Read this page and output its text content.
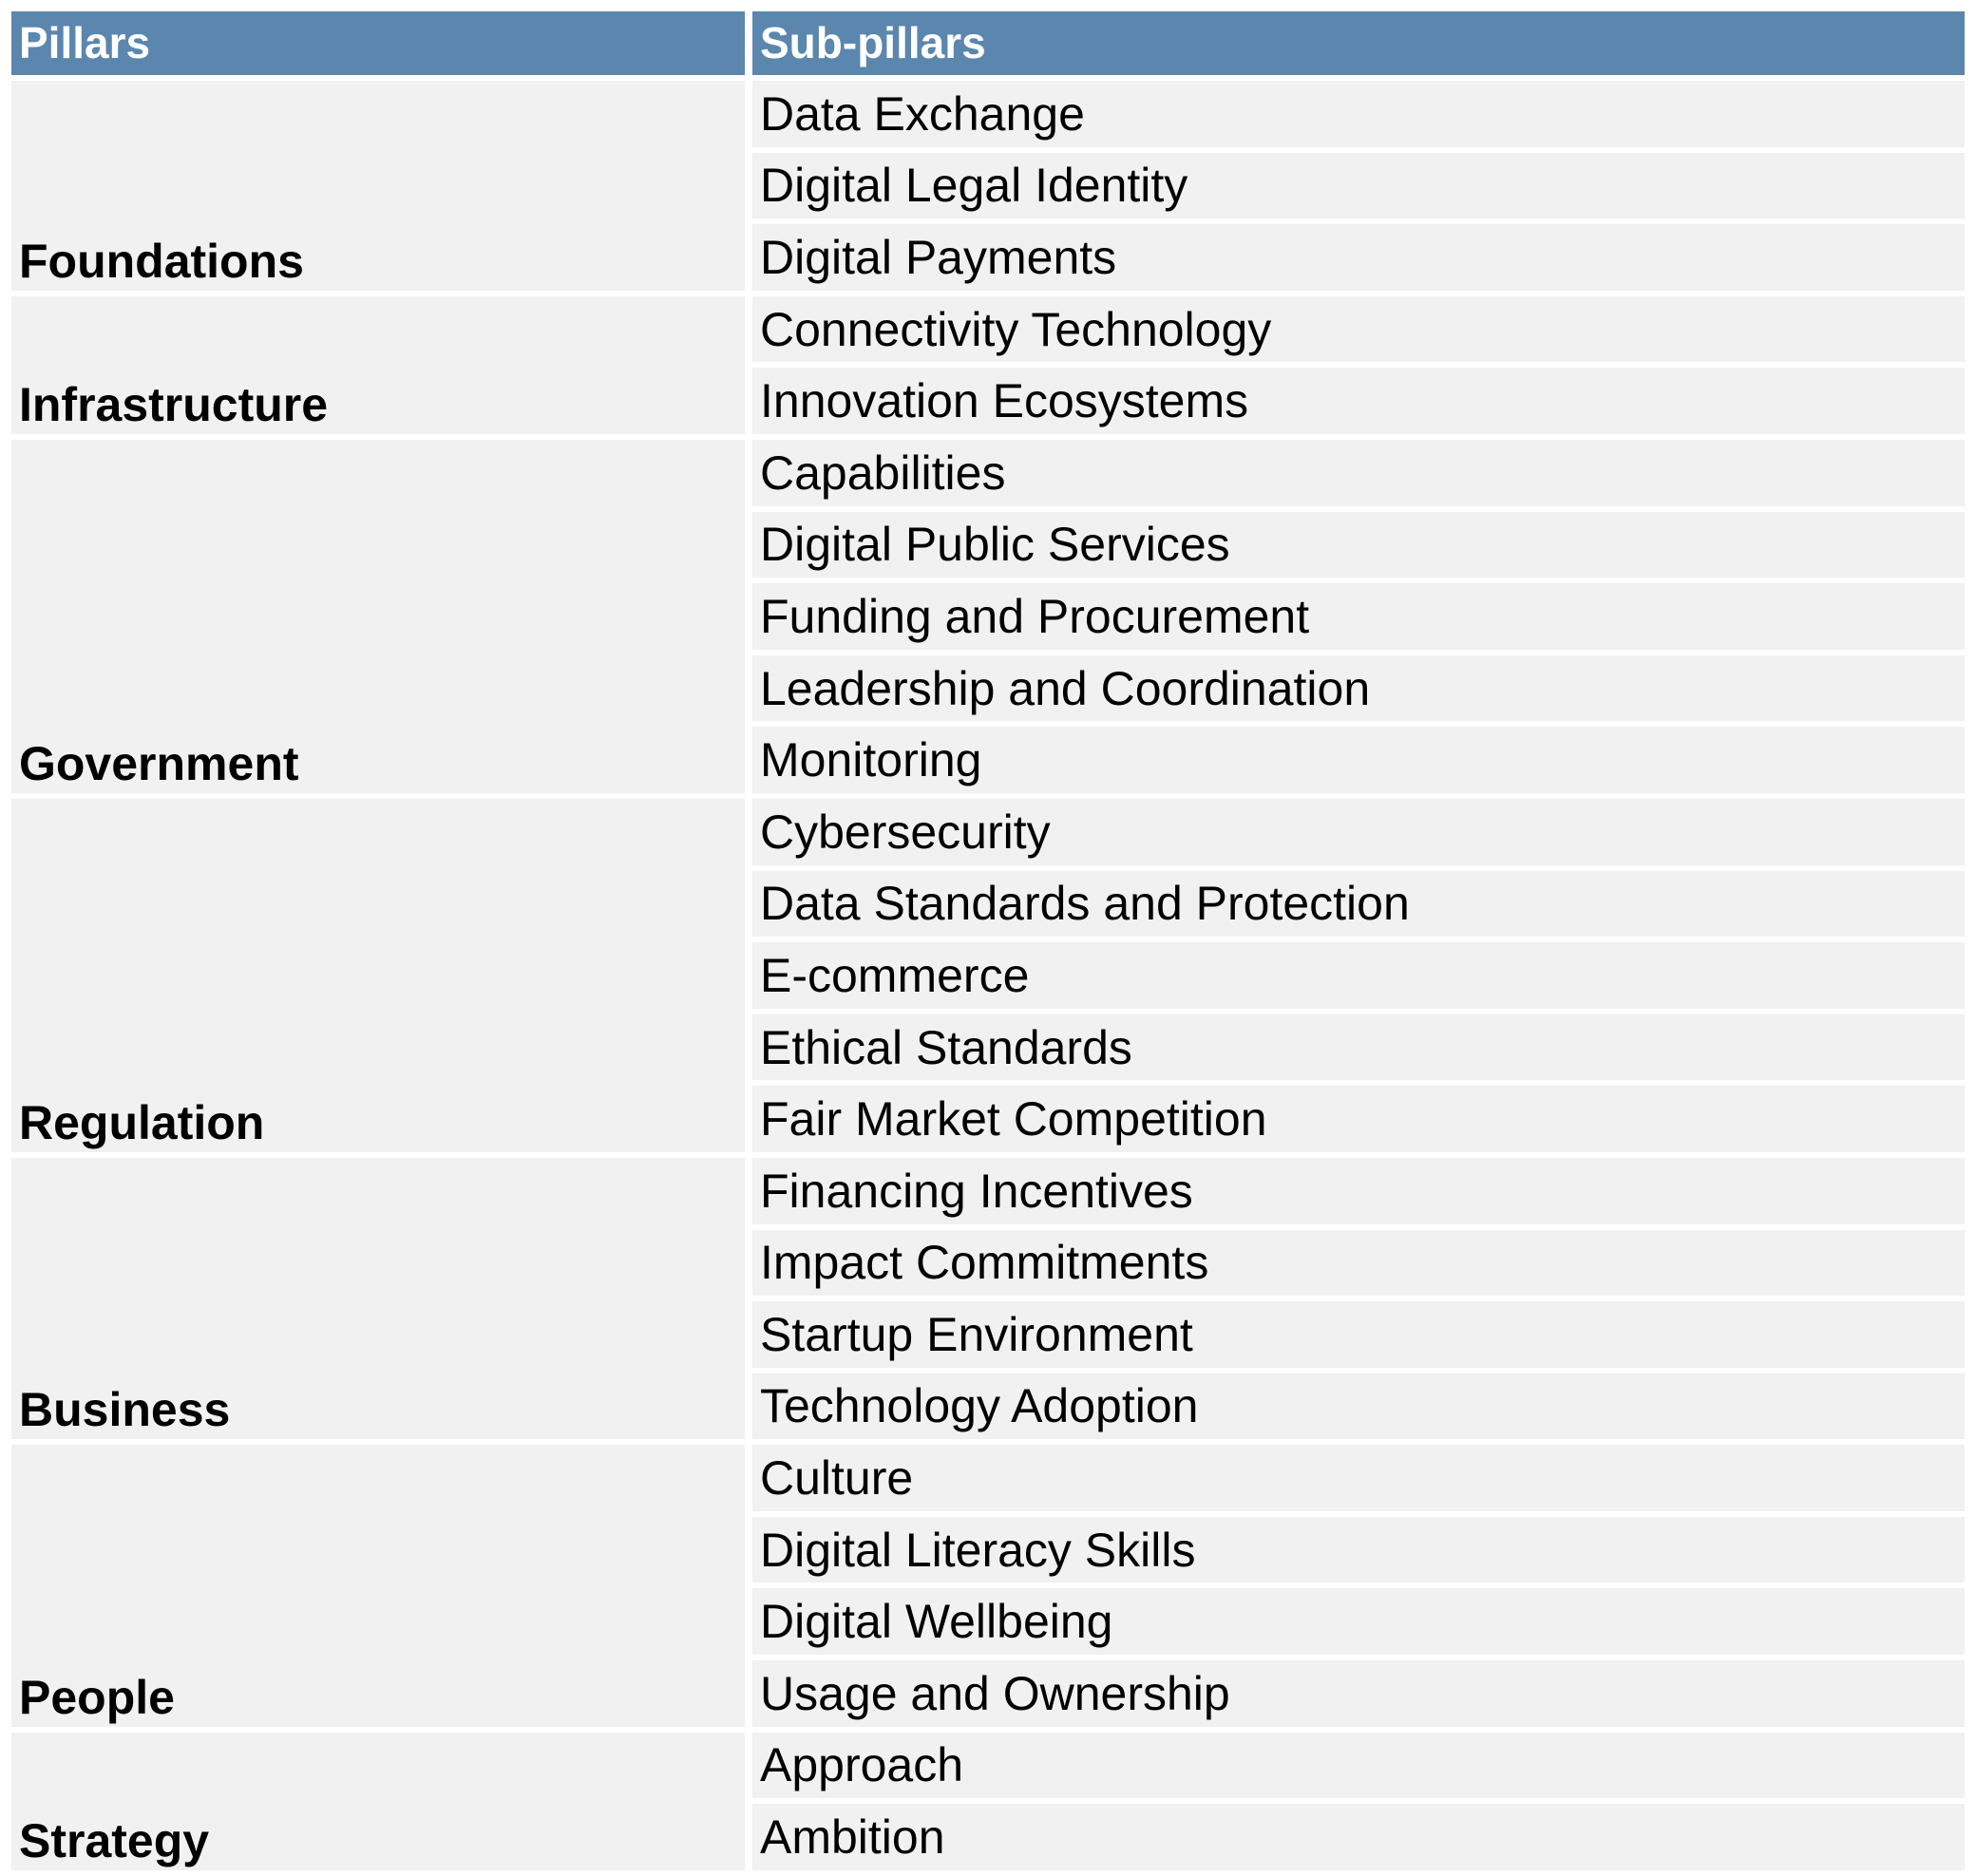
Pillars	Sub-pillars
Foundations	Data Exchange
	Digital Legal Identity
	Digital Payments
Infrastructure	Connectivity Technology
	Innovation Ecosystems
Government	Capabilities
	Digital Public Services
	Funding and Procurement
	Leadership and Coordination
	Monitoring
Regulation	Cybersecurity
	Data Standards and Protection
	E-commerce
	Ethical Standards
	Fair Market Competition
Business	Financing Incentives
	Impact Commitments
	Startup Environment
	Technology Adoption
People	Culture
	Digital Literacy Skills
	Digital Wellbeing
	Usage and Ownership
Strategy	Approach
	Ambition
